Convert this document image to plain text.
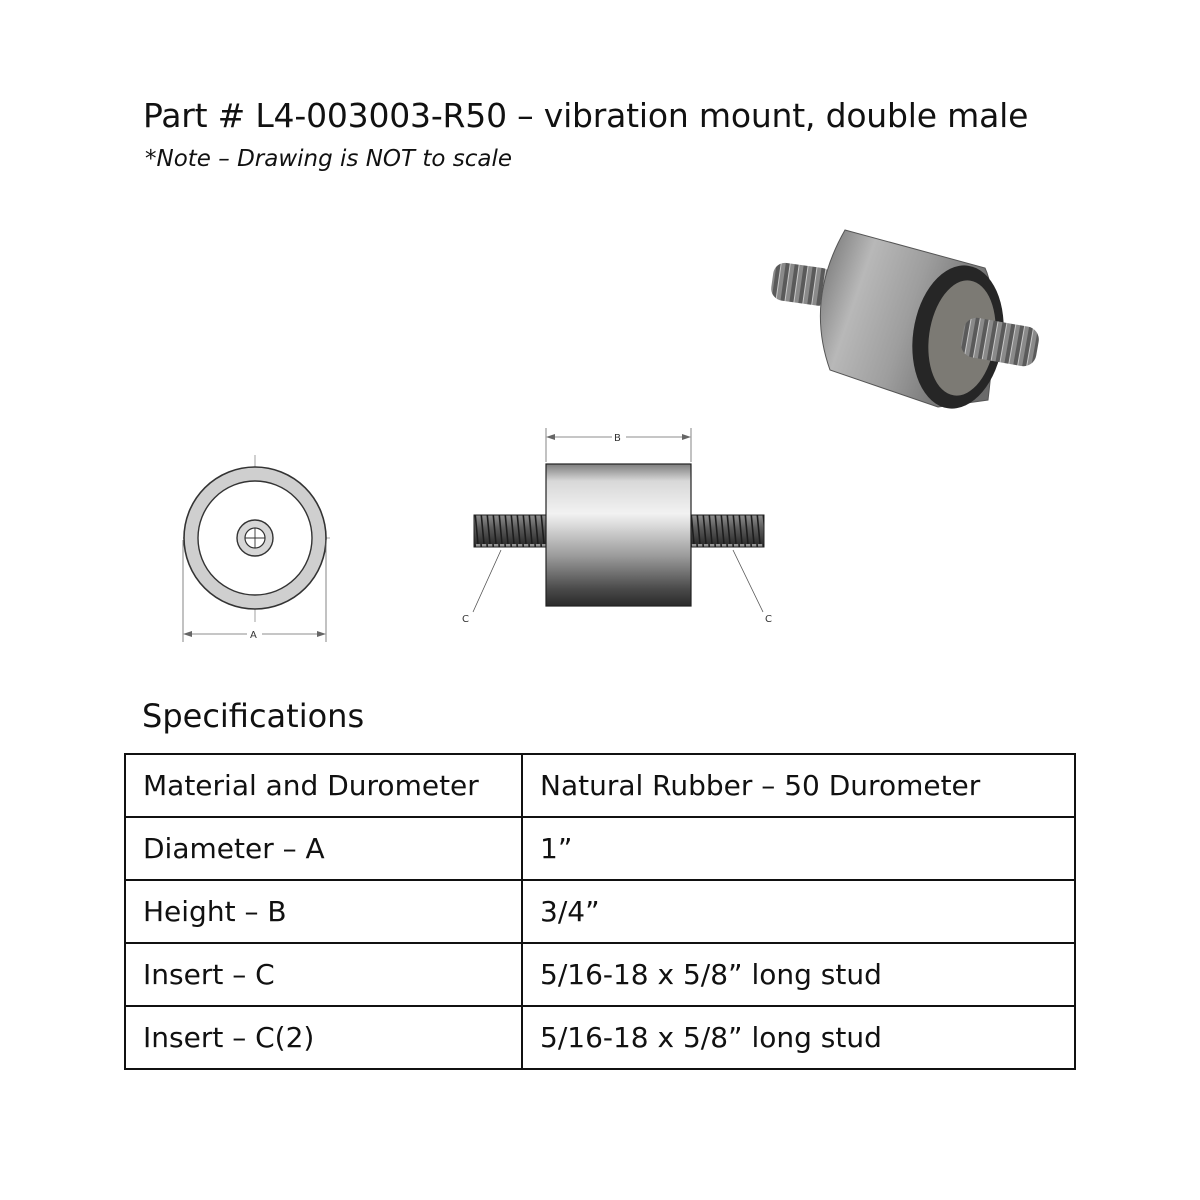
Part # L4-003003-R50 – vibration mount, double male
*Note – Drawing is NOT to scale
A
B
C	C
Specifications
Material and Durometer	Natural Rubber – 50 Durometer
Diameter – A	1”
Height – B	3/4”
Insert – C	5/16-18 x 5/8” long stud
Insert – C(2)	5/16-18 x 5/8” long stud
